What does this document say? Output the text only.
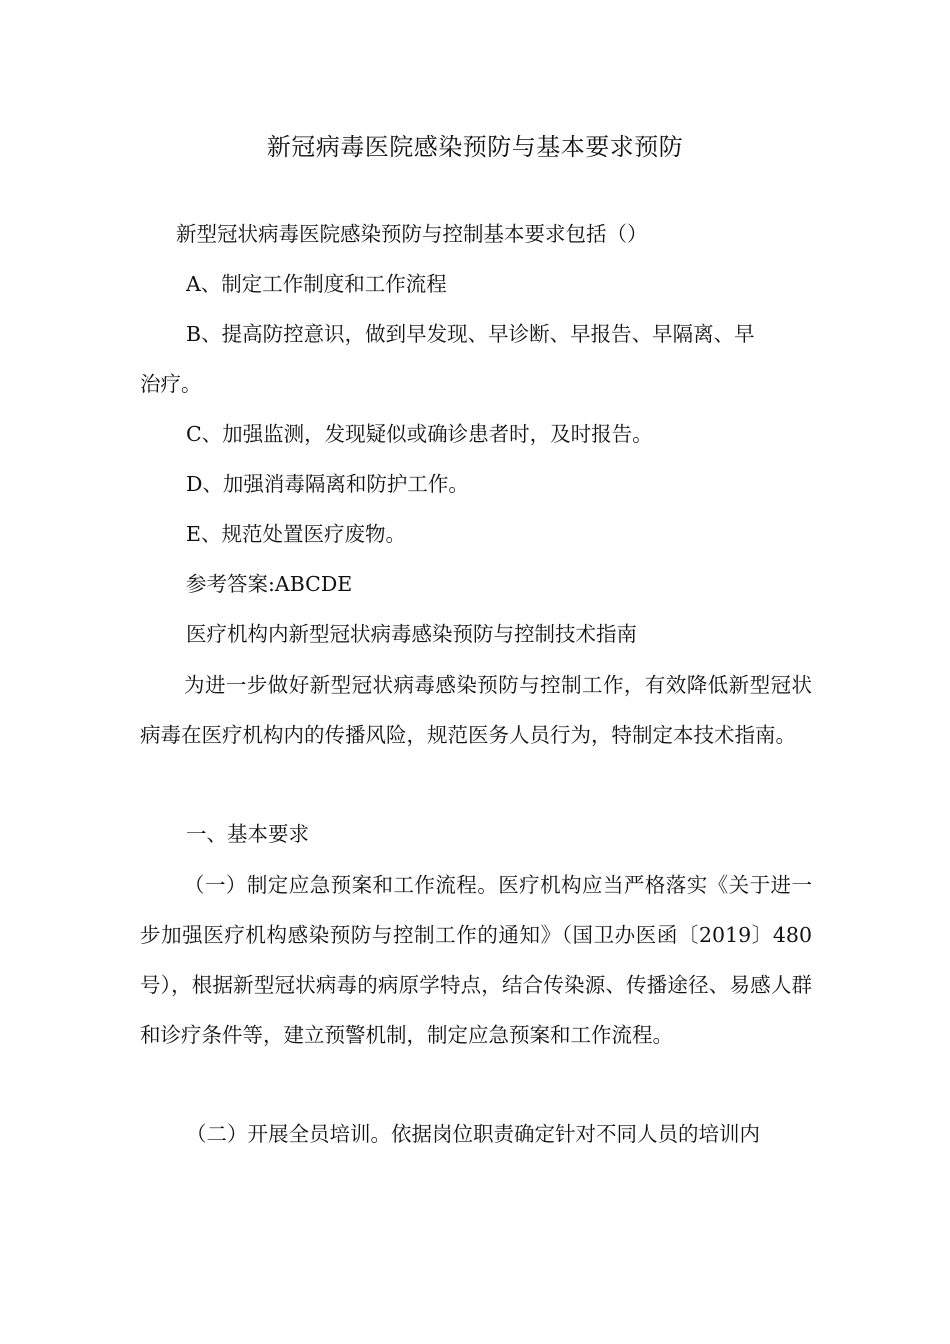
新冠病毒医院感染预防与基本要求预防

新型冠状病毒医院感染预防与控制基本要求包括（）

A、制定工作制度和工作流程

B、提高防控意识，做到早发现、早诊断、早报告、早隔离、早

治疗。

C、加强监测，发现疑似或确诊患者时，及时报告。

D、加强消毒隔离和防护工作。

E、规范处置医疗废物。

参考答案:ABCDE

医疗机构内新型冠状病毒感染预防与控制技术指南

为进一步做好新型冠状病毒感染预防与控制工作，有效降低新型冠状病毒在医疗机构内的传播风险，规范医务人员行为，特制定本技术指南。

一、基本要求

（一）制定应急预案和工作流程。医疗机构应当严格落实《关于进一步加强医疗机构感染预防与控制工作的通知》（国卫办医函〔2019〕480号），根据新型冠状病毒的病原学特点，结合传染源、传播途径、易感人群和诊疗条件等，建立预警机制，制定应急预案和工作流程。

（二）开展全员培训。依据岗位职责确定针对不同人员的培训内
